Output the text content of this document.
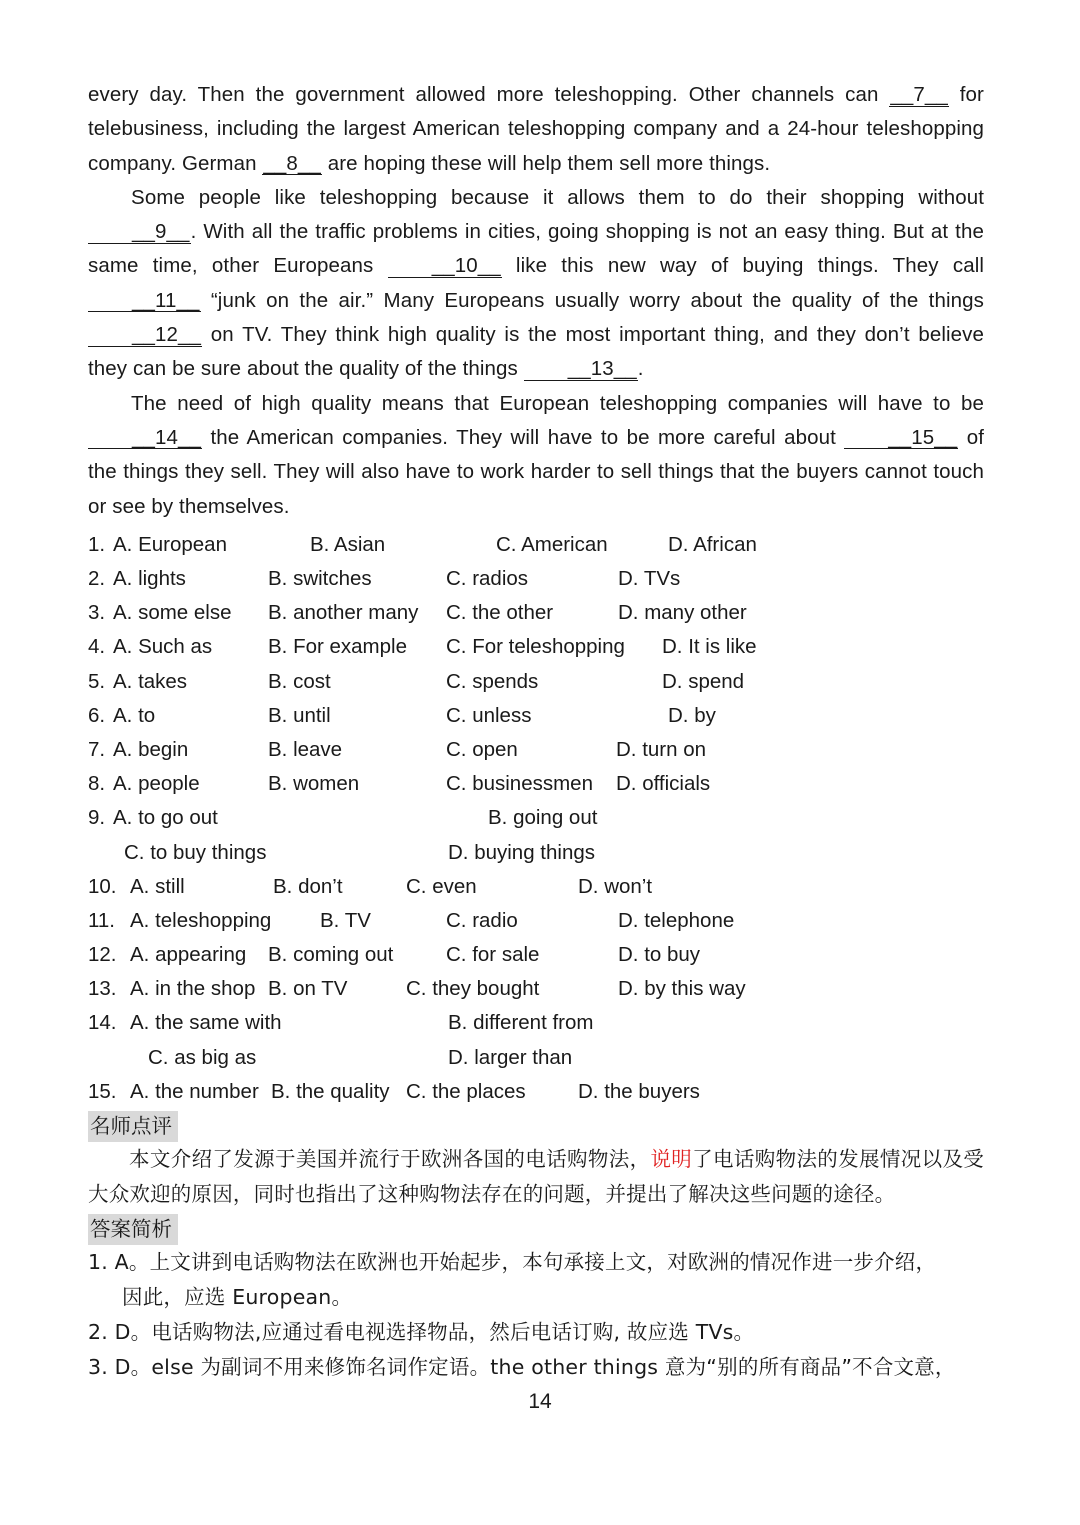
every day. Then the government allowed more teleshopping. Other channels can __7__ for telebusiness, including the largest American teleshopping company and a 24-hour teleshopping company. German __8__ are hoping these will help them sell more things.

Some people like teleshopping because it allows them to do their shopping without __9__. With all the traffic problems in cities, going shopping is not an easy thing. But at the same time, other Europeans __10__ like this new way of buying things. They call __11__ “junk on the air.” Many Europeans usually worry about the quality of the things __12__ on TV. They think high quality is the most important thing, and they don’t believe they can be sure about the quality of the things __13__.

The need of high quality means that European teleshopping companies will have to be __14__ the American companies. They will have to be more careful about __15__ of the things they sell. They will also have to work harder to sell things that the buyers cannot touch or see by themselves.

1. A. European	B. Asian	C. American	D. African
2. A. lights	B. switches	C. radios	D. TVs
3. A. some else B. another many C. the other	D. many other
4. A. Such as	B. For example C. For teleshopping D. It is like
5. A. takes	B. cost	C. spends	D. spend
6. A. to	B. until	C. unless	D. by
7. A. begin	B. leave	C. open	D. turn on
8. A. people	B. women	C. businessmen D. officials
9. A. to go out	B. going out
C. to buy things	D. buying things
10. A. still	B. don’t	C. even	D. won’t
11. A. teleshopping B. TV	C. radio	D. telephone
12. A. appearing B. coming out	C. for sale	D. to buy
13. A. in the shop B. on TV	C. they bought	D. by this way
14. A. the same with	B. different from
C. as big as	D. larger than
15. A. the number B. the quality C. the places	D. the buyers
名师点评
本文介绍了发源于美国并流行于欧洲各国的电话购物法，说明了电话购物法的发展情况以及受大众欢迎的原因，同时也指出了这种购物法存在的问题，并提出了解决这些问题的途径。
答案简析
1. A。上文讲到电话购物法在欧洲也开始起步，本句承接上文，对欧洲的情况作进一步介绍，
因此，应选 European。
2. D。电话购物法,应通过看电视选择物品，然后电话订购, 故应选 TVs。
3. D。else 为副词不用来修饰名词作定语。the other things 意为“别的所有商品”不合文意，
14
